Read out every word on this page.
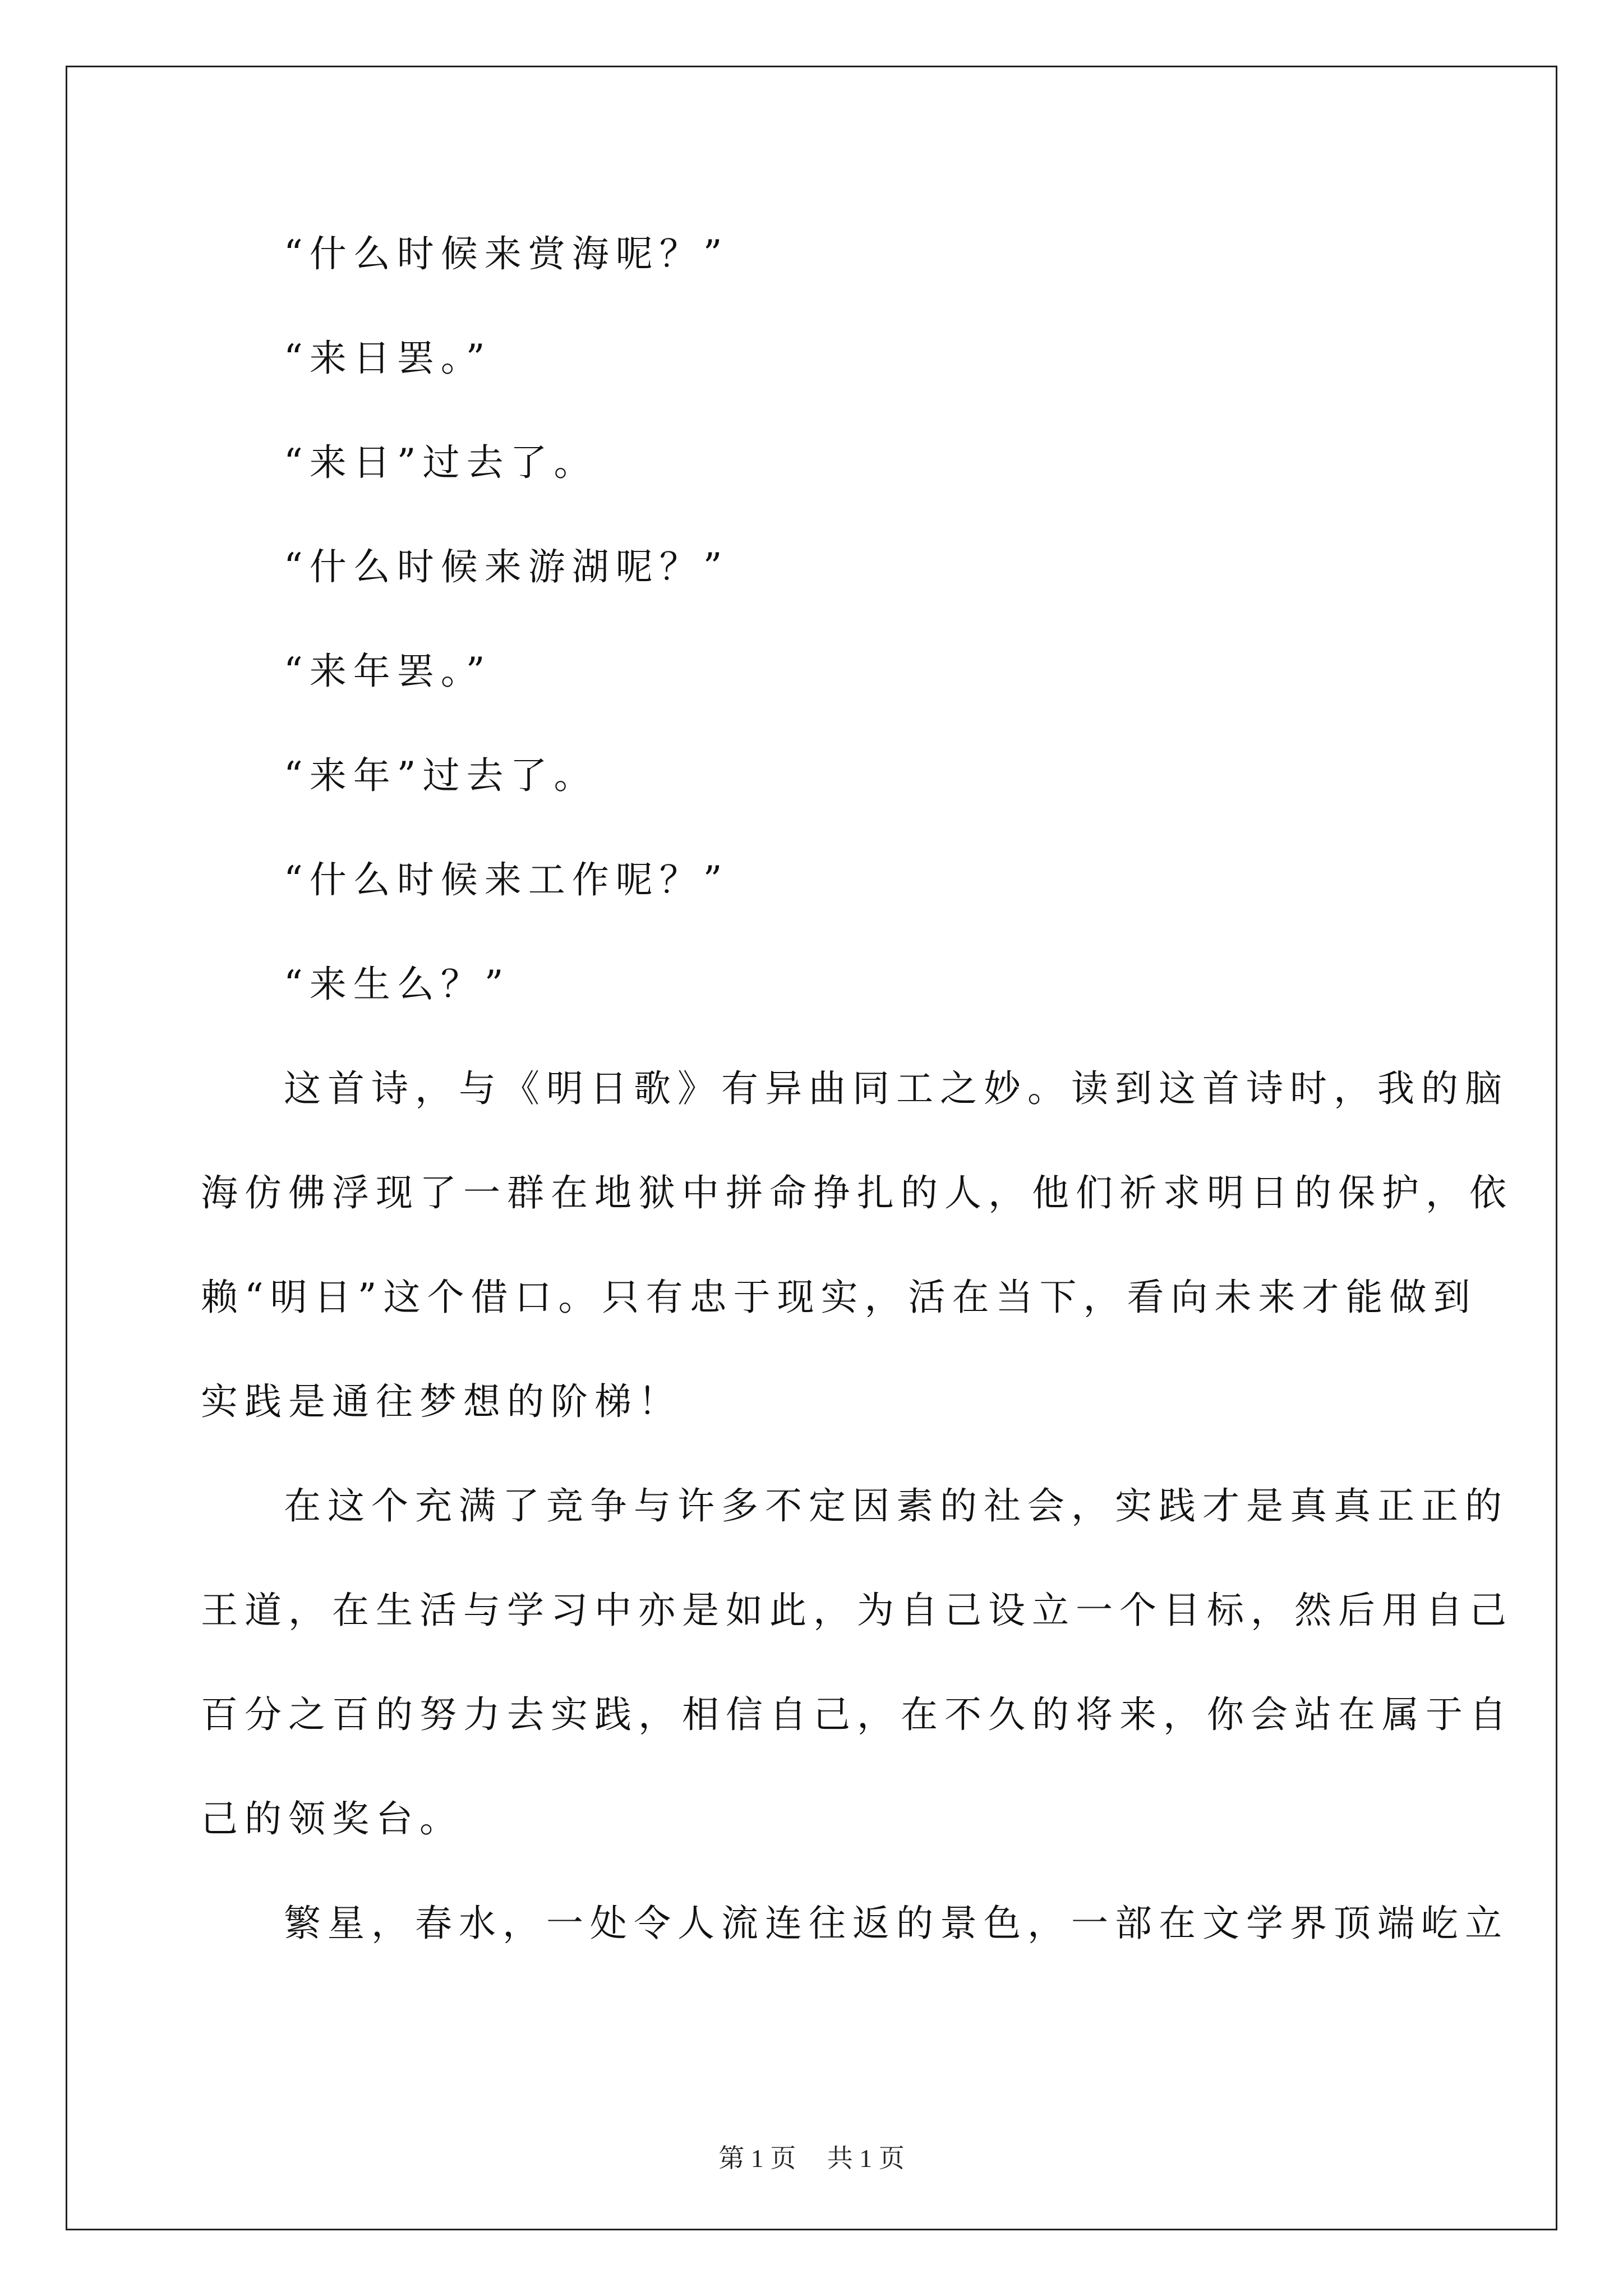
“什么时候来赏海呢？”
“来日罢。”
“来日”过去了。
“什么时候来游湖呢？”
“来年罢。”
“来年”过去了。
“什么时候来工作呢？”
“来生么？”
这首诗，与《明日歌》有异曲同工之妙。读到这首诗时，我的脑
海仿佛浮现了一群在地狱中拼命挣扎的人，他们祈求明日的保护，依
赖“明日”这个借口。只有忠于现实，活在当下，看向未来才能做到
实践是通往梦想的阶梯！
在这个充满了竞争与许多不定因素的社会，实践才是真真正正的
王道，在生活与学习中亦是如此，为自己设立一个目标，然后用自己
百分之百的努力去实践，相信自己，在不久的将来，你会站在属于自
己的领奖台。
繁星，春水，一处令人流连往返的景色，一部在文学界顶端屹立
第 1 页 共 1 页
